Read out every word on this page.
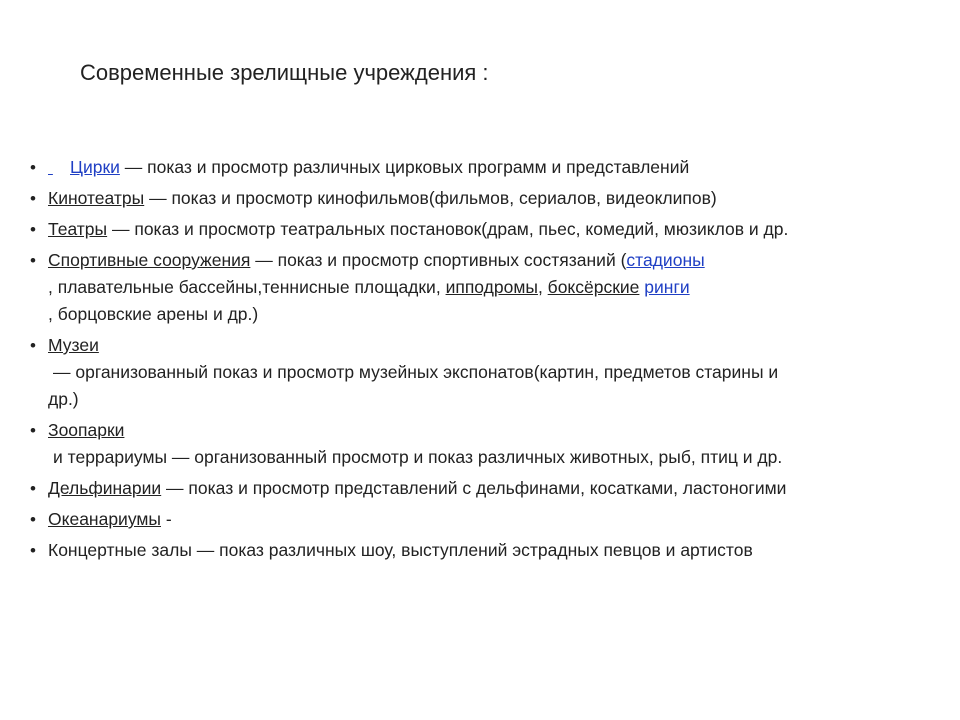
Современные зрелищные учреждения :
• Цирки — показ и просмотр различных цирковых программ и представлений
• Кинотеатры — показ и просмотр кинофильмов(фильмов, сериалов, видеоклипов)
• Театры — показ и просмотр театральных постановок(драм, пьес, комедий, мюзиклов и др.
• Спортивные сооружения — показ и просмотр спортивных состязаний (стадионы
, плавательные бассейны,теннисные площадки, ипподромы, боксёрские ринги
, борцовские арены и др.)
• Музеи
— организованный показ и просмотр музейных экспонатов(картин, предметов старины и
др.)
• Зоопарки
и террариумы — организованный просмотр и показ различных животных, рыб, птиц и др.
• Дельфинарии — показ и просмотр представлений с дельфинами, косатками, ластоногими
• Океанариумы -
• Концертные залы — показ различных шоу, выступлений эстрадных певцов и артистов
